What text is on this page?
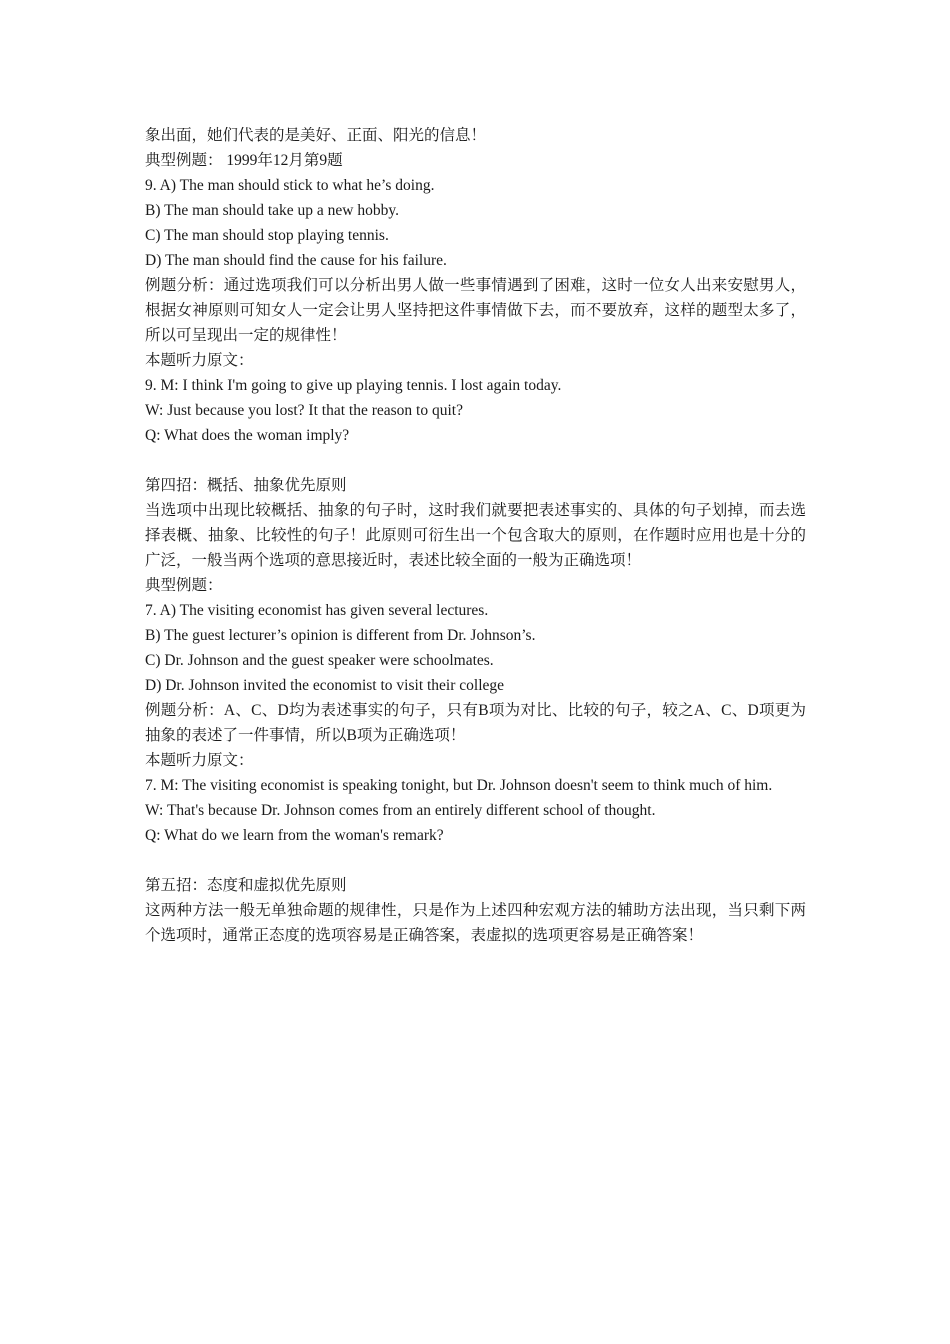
象出面，她们代表的是美好、正面、阳光的信息！

典型例题： 1999年12月第9题

9. A) The man should stick to what he’s doing.

B) The man should take up a new hobby.

C) The man should stop playing tennis.

D) The man should find the cause for his failure.

例题分析：通过选项我们可以分析出男人做一些事情遇到了困难，这时一位女人出来安慰男人，根据女神原则可知女人一定会让男人坚持把这件事情做下去，而不要放弃，这样的题型太多了，所以可呈现出一定的规律性！

本题听力原文：

9. M: I think I'm going to give up playing tennis. I lost again today.

W: Just because you lost? It that the reason to quit?

Q: What does the woman imply?

第四招：概括、抽象优先原则

当选项中出现比较概括、抽象的句子时，这时我们就要把表述事实的、具体的句子划掉，而去选择表概、抽象、比较性的句子！此原则可衍生出一个包含取大的原则，在作题时应用也是十分的广泛，一般当两个选项的意思接近时，表述比较全面的一般为正确选项！

典型例题：

7. A) The visiting economist has given several lectures.

B) The guest lecturer’s opinion is different from Dr. Johnson’s.

C) Dr. Johnson and the guest speaker were schoolmates.

D) Dr. Johnson invited the economist to visit their college

例题分析：A、C、D均为表述事实的句子，只有B项为对比、比较的句子，较之A、C、D项更为抽象的表述了一件事情，所以B项为正确选项！

本题听力原文：

7. M: The visiting economist is speaking tonight, but Dr. Johnson doesn't seem to think much of him.

W: That's because Dr. Johnson comes from an entirely different school of thought.

Q: What do we learn from the woman's remark?

第五招：态度和虚拟优先原则

这两种方法一般无单独命题的规律性，只是作为上述四种宏观方法的辅助方法出现，当只剩下两个选项时，通常正态度的选项容易是正确答案，表虚拟的选项更容易是正确答案！
